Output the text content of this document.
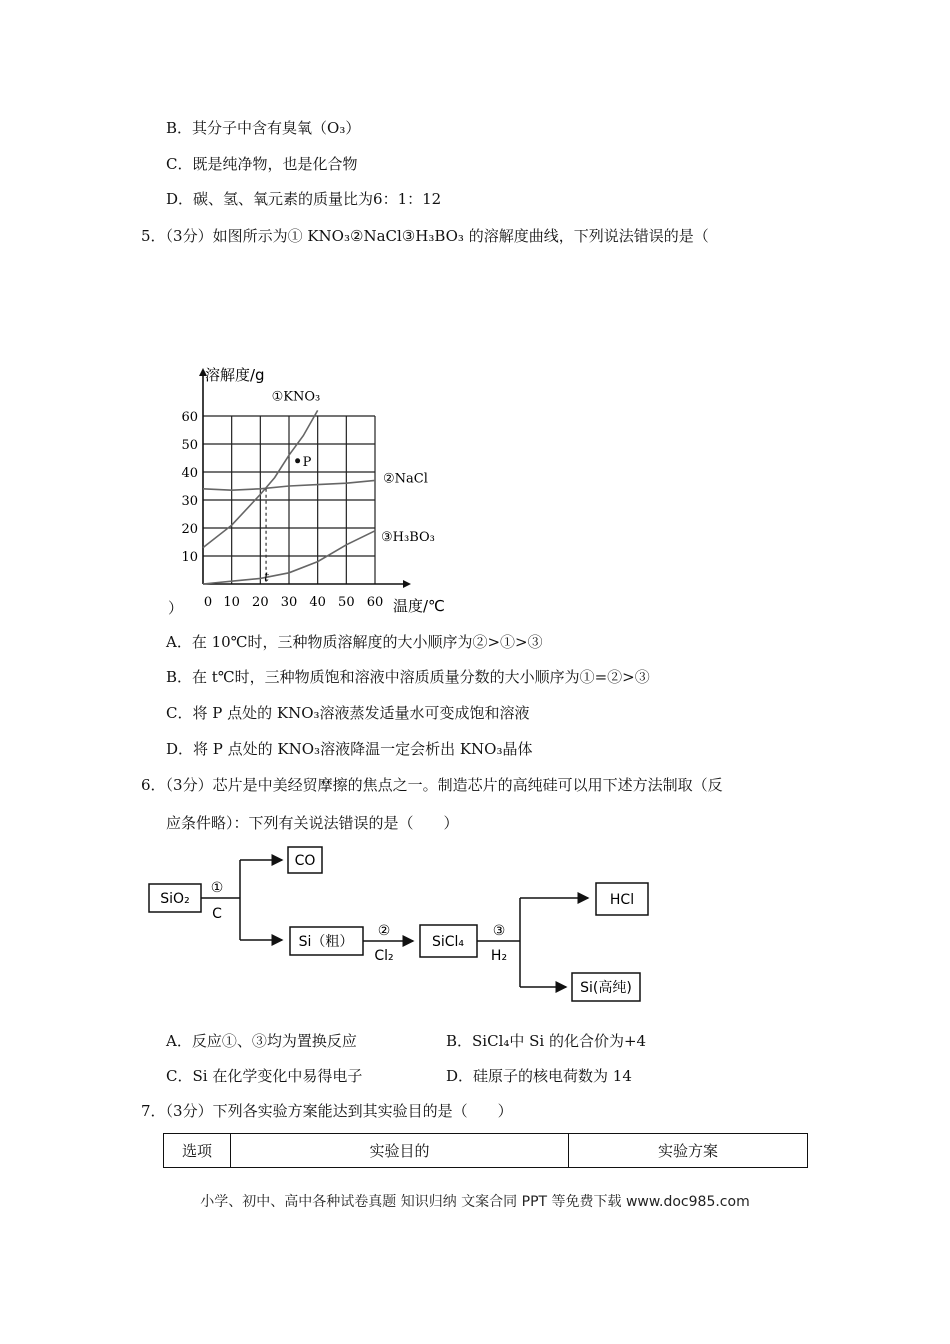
B．其分子中含有臭氧（O₃）
C．既是纯净物，也是化合物
D．碳、氢、氧元素的质量比为6：1：12
5．（3分）如图所示为① KNO₃②NaCl③H₃BO₃ 的溶解度曲线，下列说法错误的是（
10
20
30
40
50
60
0 10 20 30 40 50 60
溶解度/g
温度/℃
①KNO₃
②NaCl
③H₃BO₃
P
t
）
A．在 10℃时，三种物质溶解度的大小顺序为②>①>③
B．在 t℃时，三种物质饱和溶液中溶质质量分数的大小顺序为①=②>③
C．将 P 点处的 KNO₃溶液蒸发适量水可变成饱和溶液
D．将 P 点处的 KNO₃溶液降温一定会析出 KNO₃晶体
6．（3分）芯片是中美经贸摩擦的焦点之一。制造芯片的高纯硅可以用下述方法制取（反
应条件略）：下列有关说法错误的是（　　）
SiO₂
①
C
CO
Si（粗）
②
Cl₂
SiCl₄
③
H₂
HCl
Si(高纯)
A．反应①、③均为置换反应	B．SiCl₄中 Si 的化合价为+4
C．Si 在化学变化中易得电子	D．硅原子的核电荷数为 14
7．（3分）下列各实验方案能达到其实验目的是（　　）
选项	实验目的	实验方案
小学、初中、高中各种试卷真题 知识归纳 文案合同 PPT 等免费下载 www.doc985.com
